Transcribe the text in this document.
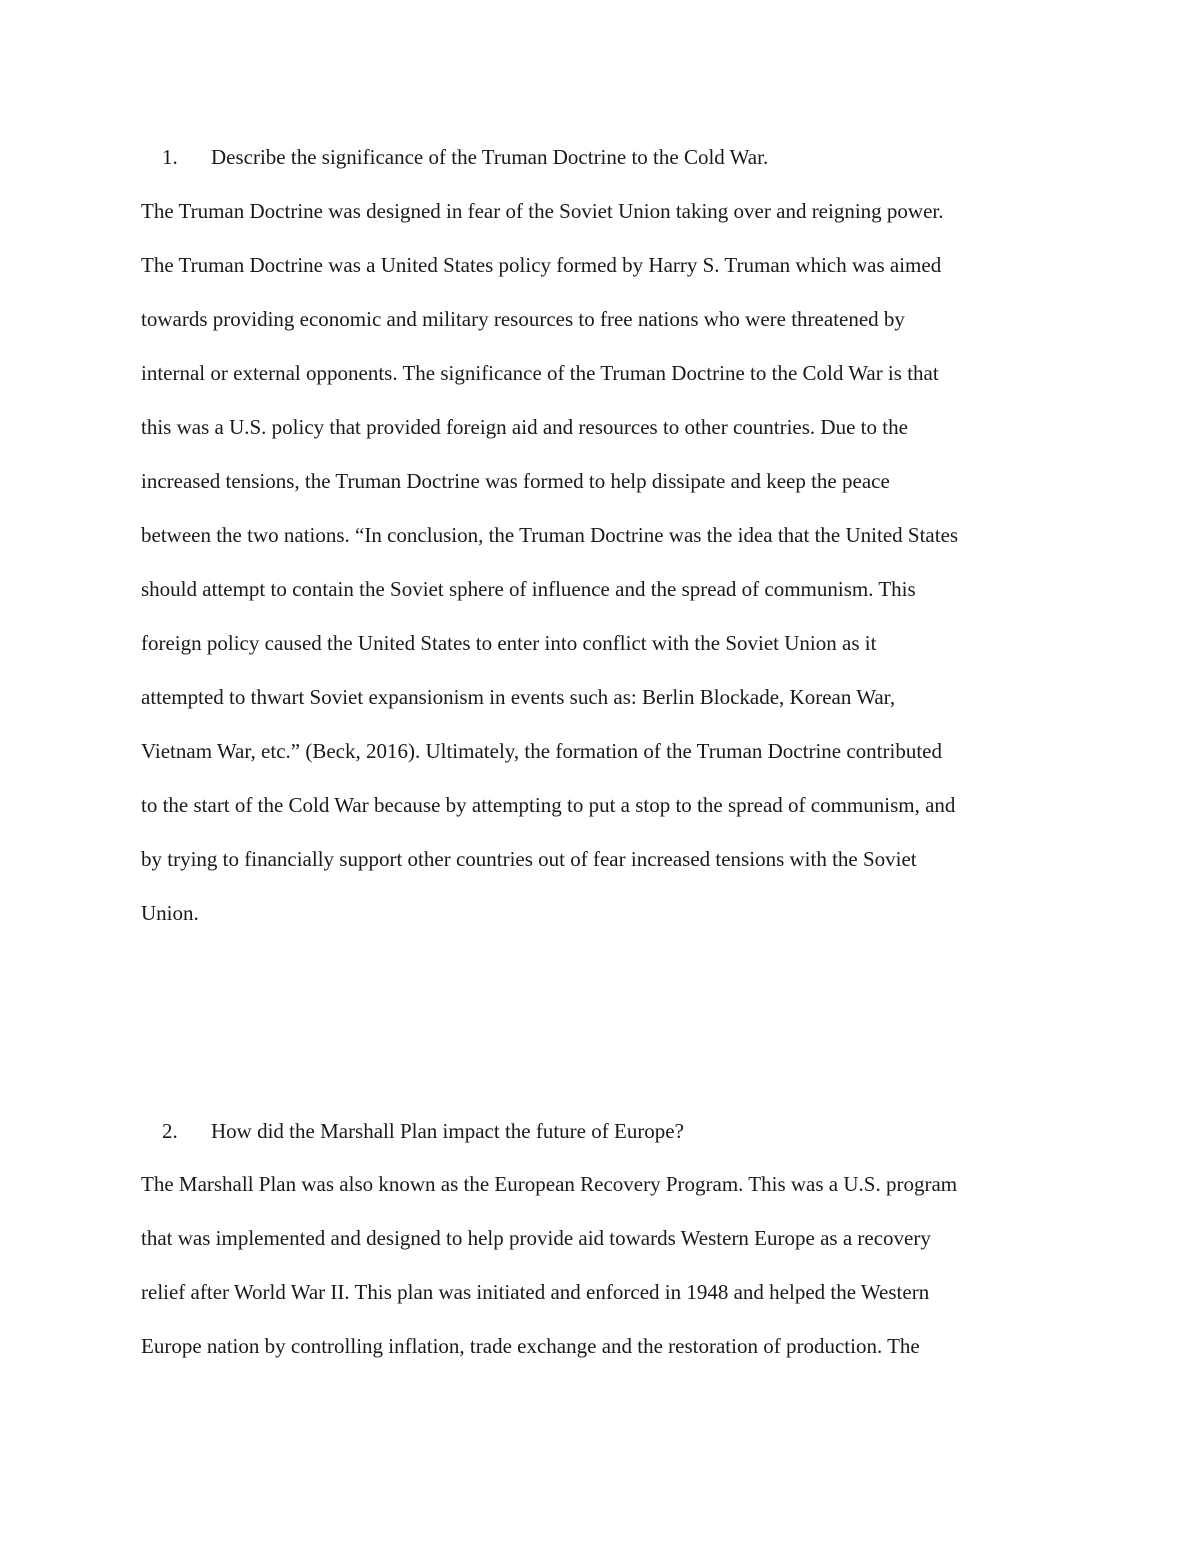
1. Describe the significance of the Truman Doctrine to the Cold War.
The Truman Doctrine was designed in fear of the Soviet Union taking over and reigning power.
The Truman Doctrine was a United States policy formed by Harry S. Truman which was aimed
towards providing economic and military resources to free nations who were threatened by
internal or external opponents. The significance of the Truman Doctrine to the Cold War is that
this was a U.S. policy that provided foreign aid and resources to other countries. Due to the
increased tensions, the Truman Doctrine was formed to help dissipate and keep the peace
between the two nations. “In conclusion, the Truman Doctrine was the idea that the United States
should attempt to contain the Soviet sphere of influence and the spread of communism. This
foreign policy caused the United States to enter into conflict with the Soviet Union as it
attempted to thwart Soviet expansionism in events such as: Berlin Blockade, Korean War,
Vietnam War, etc.” (Beck, 2016). Ultimately, the formation of the Truman Doctrine contributed
to the start of the Cold War because by attempting to put a stop to the spread of communism, and
by trying to financially support other countries out of fear increased tensions with the Soviet
Union.
2. How did the Marshall Plan impact the future of Europe?
The Marshall Plan was also known as the European Recovery Program. This was a U.S. program
that was implemented and designed to help provide aid towards Western Europe as a recovery
relief after World War II. This plan was initiated and enforced in 1948 and helped the Western
Europe nation by controlling inflation, trade exchange and the restoration of production. The
